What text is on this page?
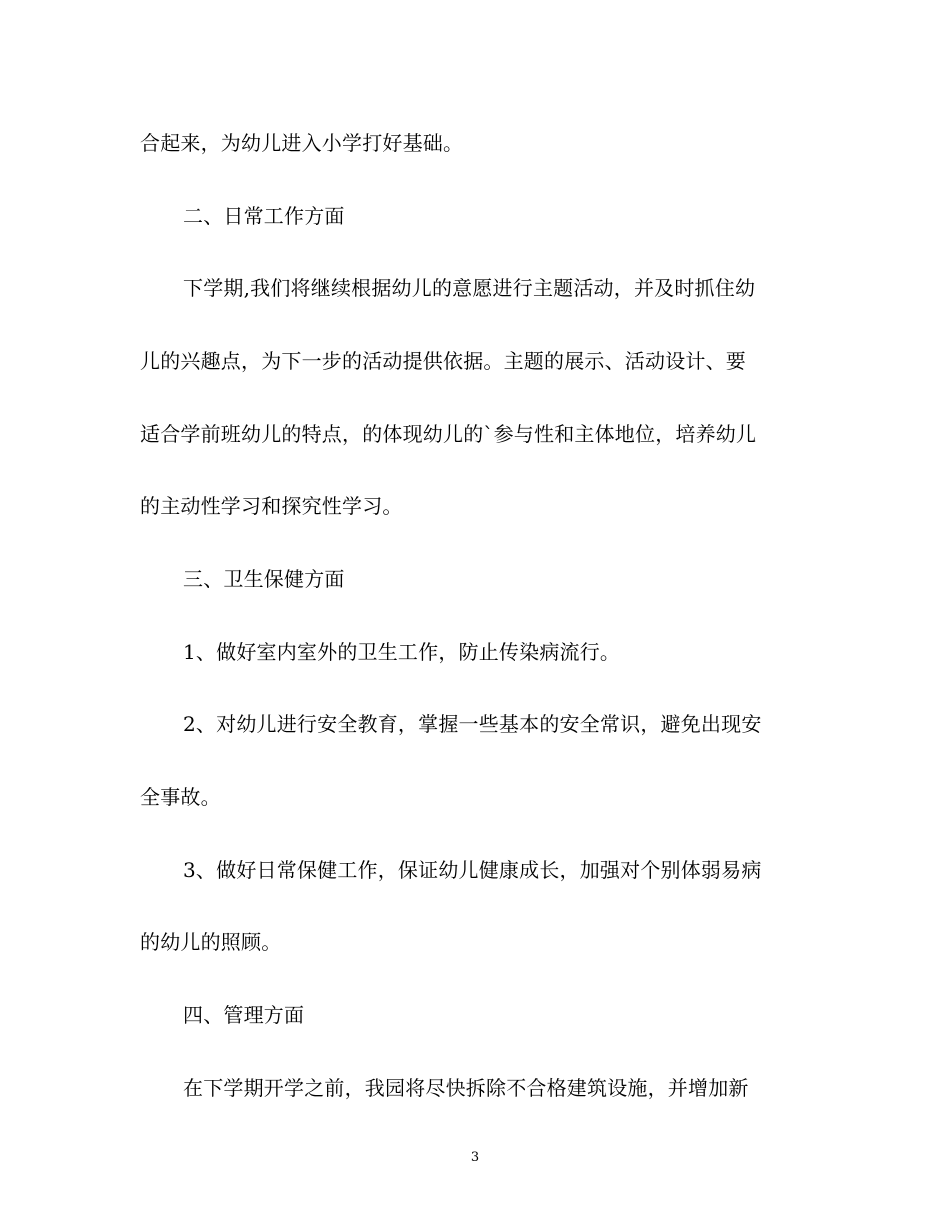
合起来，为幼儿进入小学打好基础。
二、日常工作方面
下学期,我们将继续根据幼儿的意愿进行主题活动，并及时抓住幼
儿的兴趣点，为下一步的活动提供依据。主题的展示、活动设计、要
适合学前班幼儿的特点，的体现幼儿的`参与性和主体地位，培养幼儿
的主动性学习和探究性学习。
三、卫生保健方面
1、做好室内室外的卫生工作，防止传染病流行。
2、对幼儿进行安全教育，掌握一些基本的安全常识，避免出现安
全事故。
3、做好日常保健工作，保证幼儿健康成长，加强对个别体弱易病
的幼儿的照顾。
四、管理方面
在下学期开学之前，我园将尽快拆除不合格建筑设施，并增加新
3
